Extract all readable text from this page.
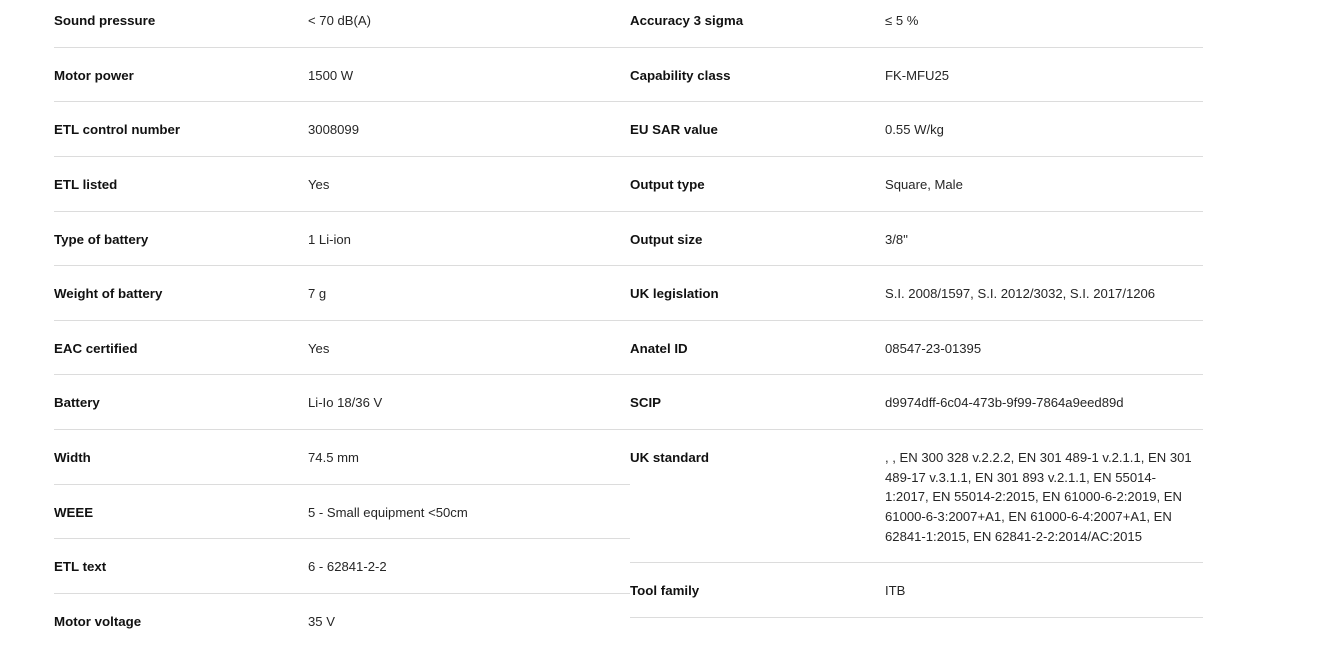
Sound pressure	< 70 dB(A)
Motor power	1500 W
ETL control number	3008099
ETL listed	Yes
Type of battery	1 Li-ion
Weight of battery	7 g
EAC certified	Yes
Battery	Li-Io 18/36 V
Width	74.5 mm
WEEE	5 - Small equipment <50cm
ETL text	6 - 62841-2-2
Motor voltage	35 V
Accuracy 3 sigma	≤ 5 %
Capability class	FK-MFU25
EU SAR value	0.55 W/kg
Output type	Square, Male
Output size	3/8"
UK legislation	S.I. 2008/1597, S.I. 2012/3032, S.I. 2017/1206
Anatel ID	08547-23-01395
SCIP	d9974dff-6c04-473b-9f99-7864a9eed89d
UK standard	, , EN 300 328 v.2.2.2, EN 301 489-1 v.2.1.1, EN 301 489-17 v.3.1.1, EN 301 893 v.2.1.1, EN 55014-1:2017, EN 55014-2:2015, EN 61000-6-2:2019, EN 61000-6-3:2007+A1, EN 61000-6-4:2007+A1, EN 62841-1:2015, EN 62841-2-2:2014/AC:2015
Tool family	ITB
